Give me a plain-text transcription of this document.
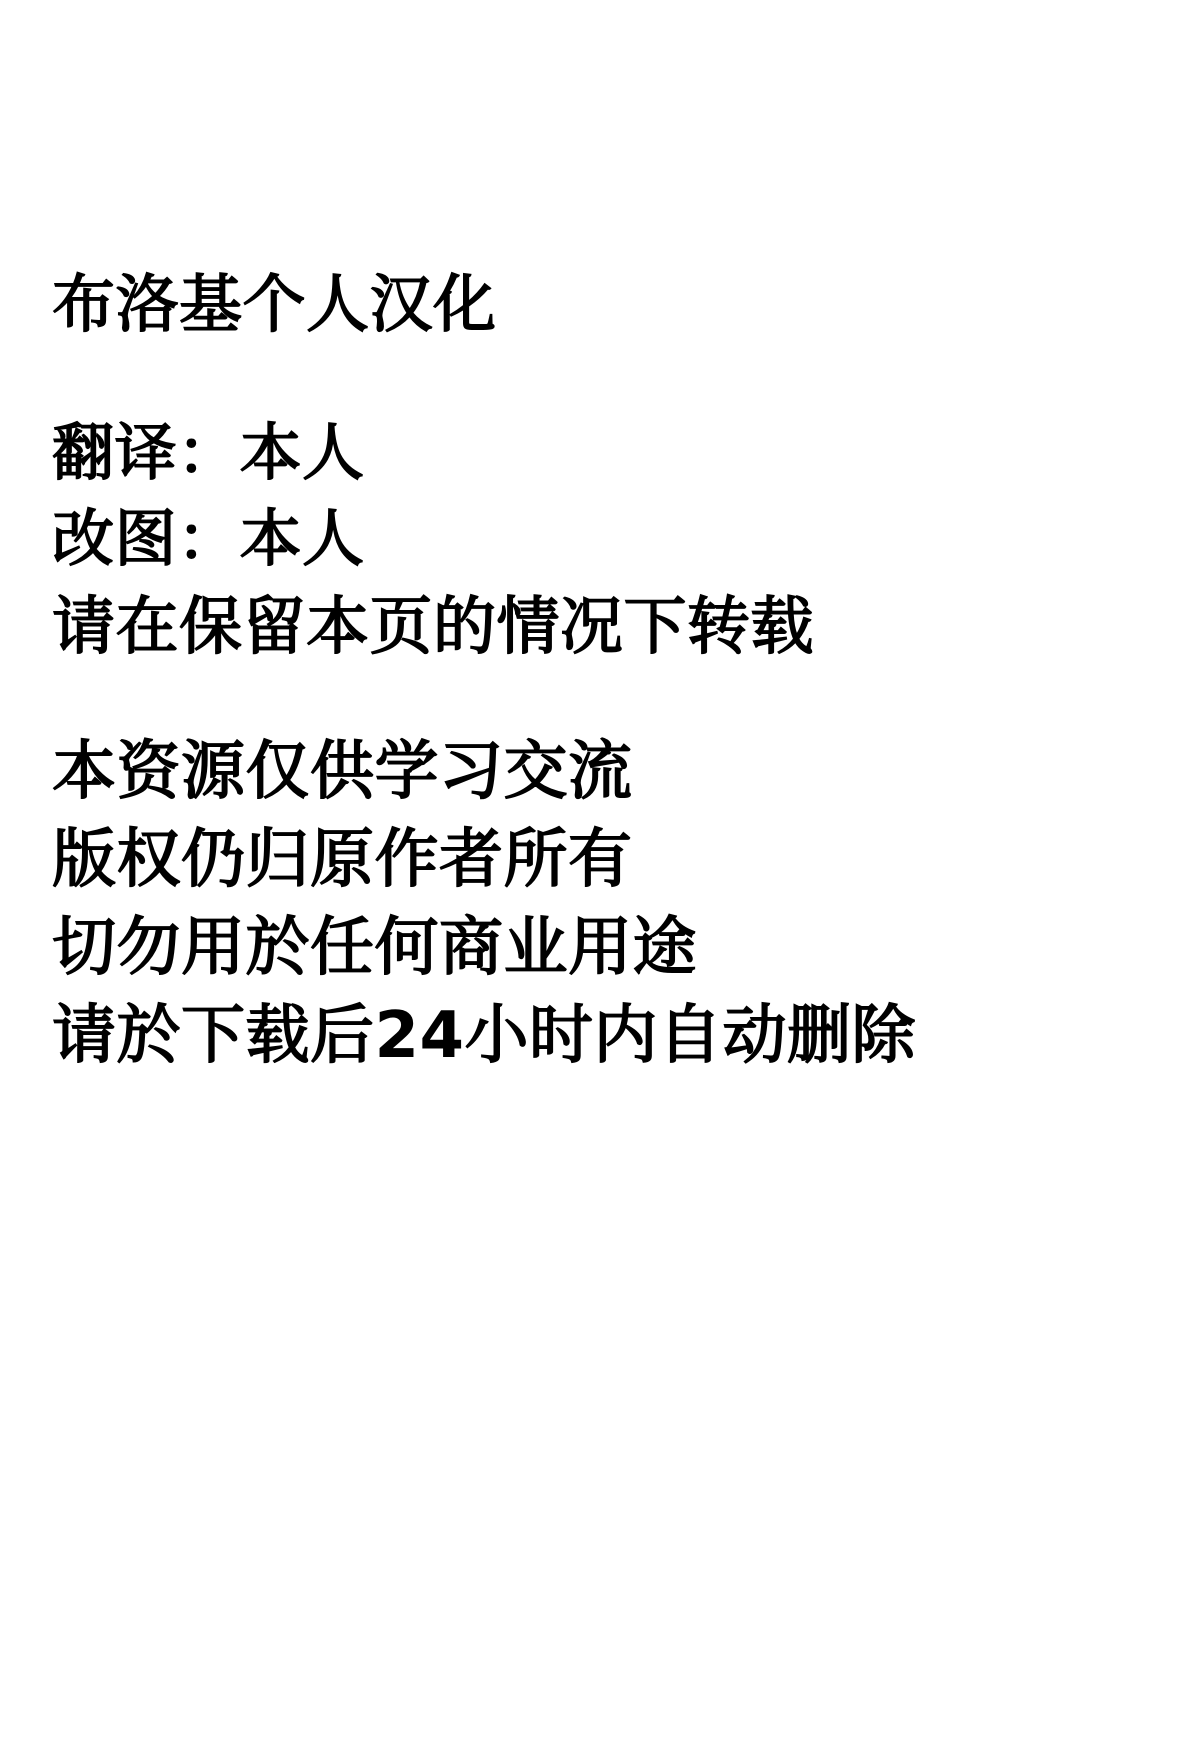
布洛基个人汉化
翻译：本人
改图：本人
请在保留本页的情况下转载
本资源仅供学习交流
版权仍归原作者所有
切勿用於任何商业用途
请於下载后24小时内自动删除
